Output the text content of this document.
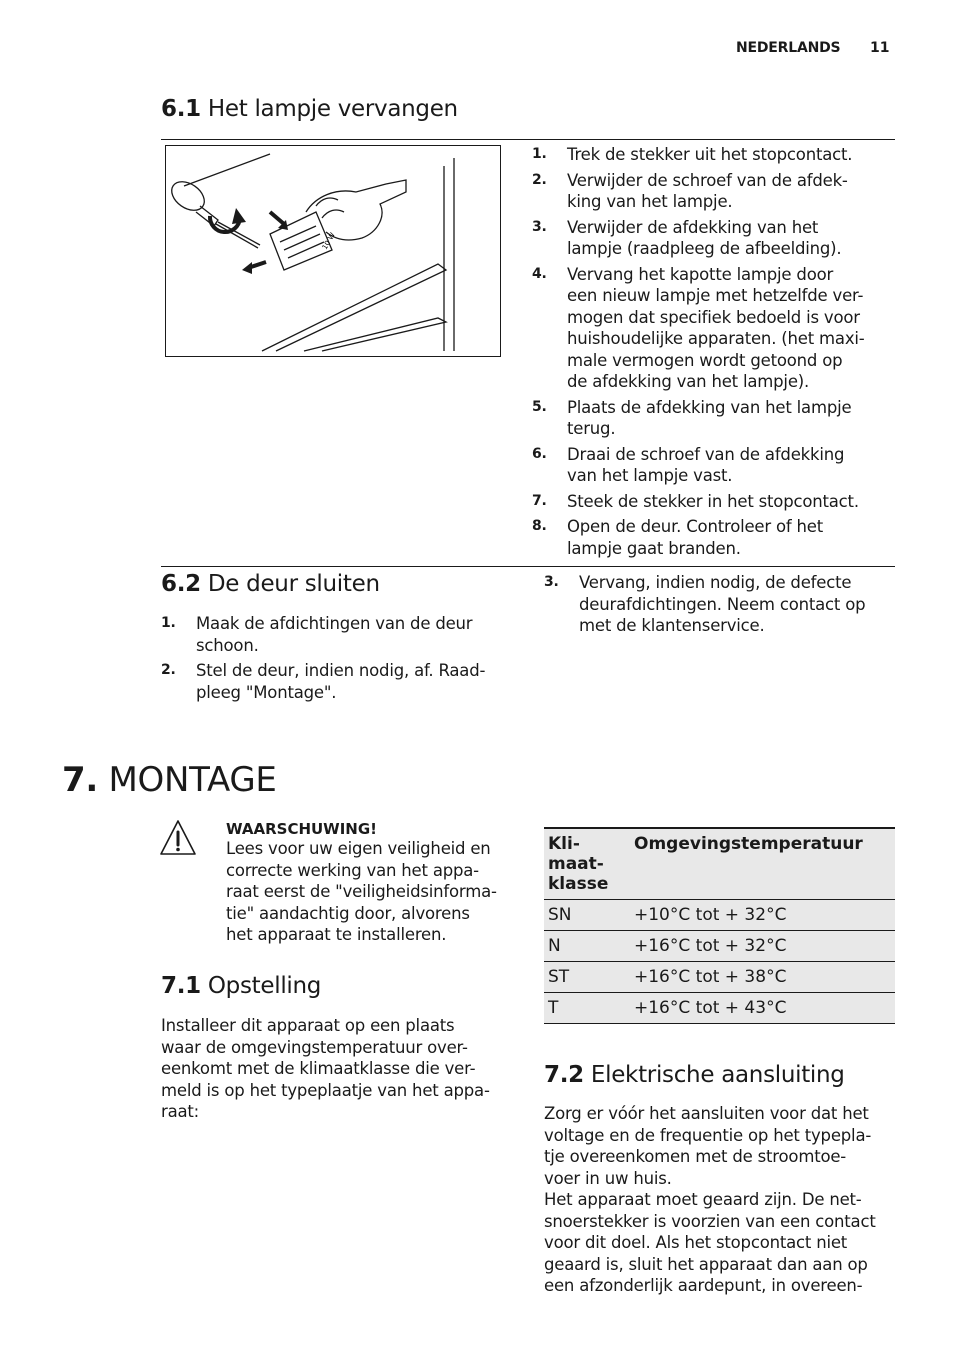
NEDERLANDS 11
6.1 Het lampje vervangen
10 W
1. Trek de stekker uit het stopcontact.
2. Verwijder de schroef van de afdek-
king van het lampje.
3. Verwijder de afdekking van het
lampje (raadpleeg de afbeelding).
4. Vervang het kapotte lampje door
een nieuw lampje met hetzelfde ver-
mogen dat specifiek bedoeld is voor
huishoudelijke apparaten. (het maxi-
male vermogen wordt getoond op
de afdekking van het lampje).
5. Plaats de afdekking van het lampje
terug.
6. Draai de schroef van de afdekking
van het lampje vast.
7. Steek de stekker in het stopcontact.
8. Open de deur. Controleer of het
lampje gaat branden.
6.2 De deur sluiten
1. Maak de afdichtingen van de deur
schoon.
2. Stel de deur, indien nodig, af. Raad-
pleeg "Montage".
3. Vervang, indien nodig, de defecte
deurafdichtingen. Neem contact op
met de klantenservice.
7. MONTAGE
WAARSCHUWING!
Lees voor uw eigen veiligheid en
correcte werking van het appa-
raat eerst de "veiligheidsinforma-
tie" aandachtig door, alvorens
het apparaat te installeren.
7.1 Opstelling

Installeer dit apparaat op een plaats
waar de omgevingstemperatuur over-
eenkomt met de klimaatklasse die ver-
meld is op het typeplaatje van het appa-
raat:

Kli-
maat-
klasse	Omgevingstemperatuur
SN	+10°C tot + 32°C
N	+16°C tot + 32°C
ST	+16°C tot + 38°C
T	+16°C tot + 43°C
7.2 Elektrische aansluiting

Zorg er vóór het aansluiten voor dat het
voltage en de frequentie op het typepla-
tje overeenkomen met de stroomtoe-
voer in uw huis.
Het apparaat moet geaard zijn. De net-
snoerstekker is voorzien van een contact
voor dit doel. Als het stopcontact niet
geaard is, sluit het apparaat dan aan op
een afzonderlijk aardepunt, in overeen-
